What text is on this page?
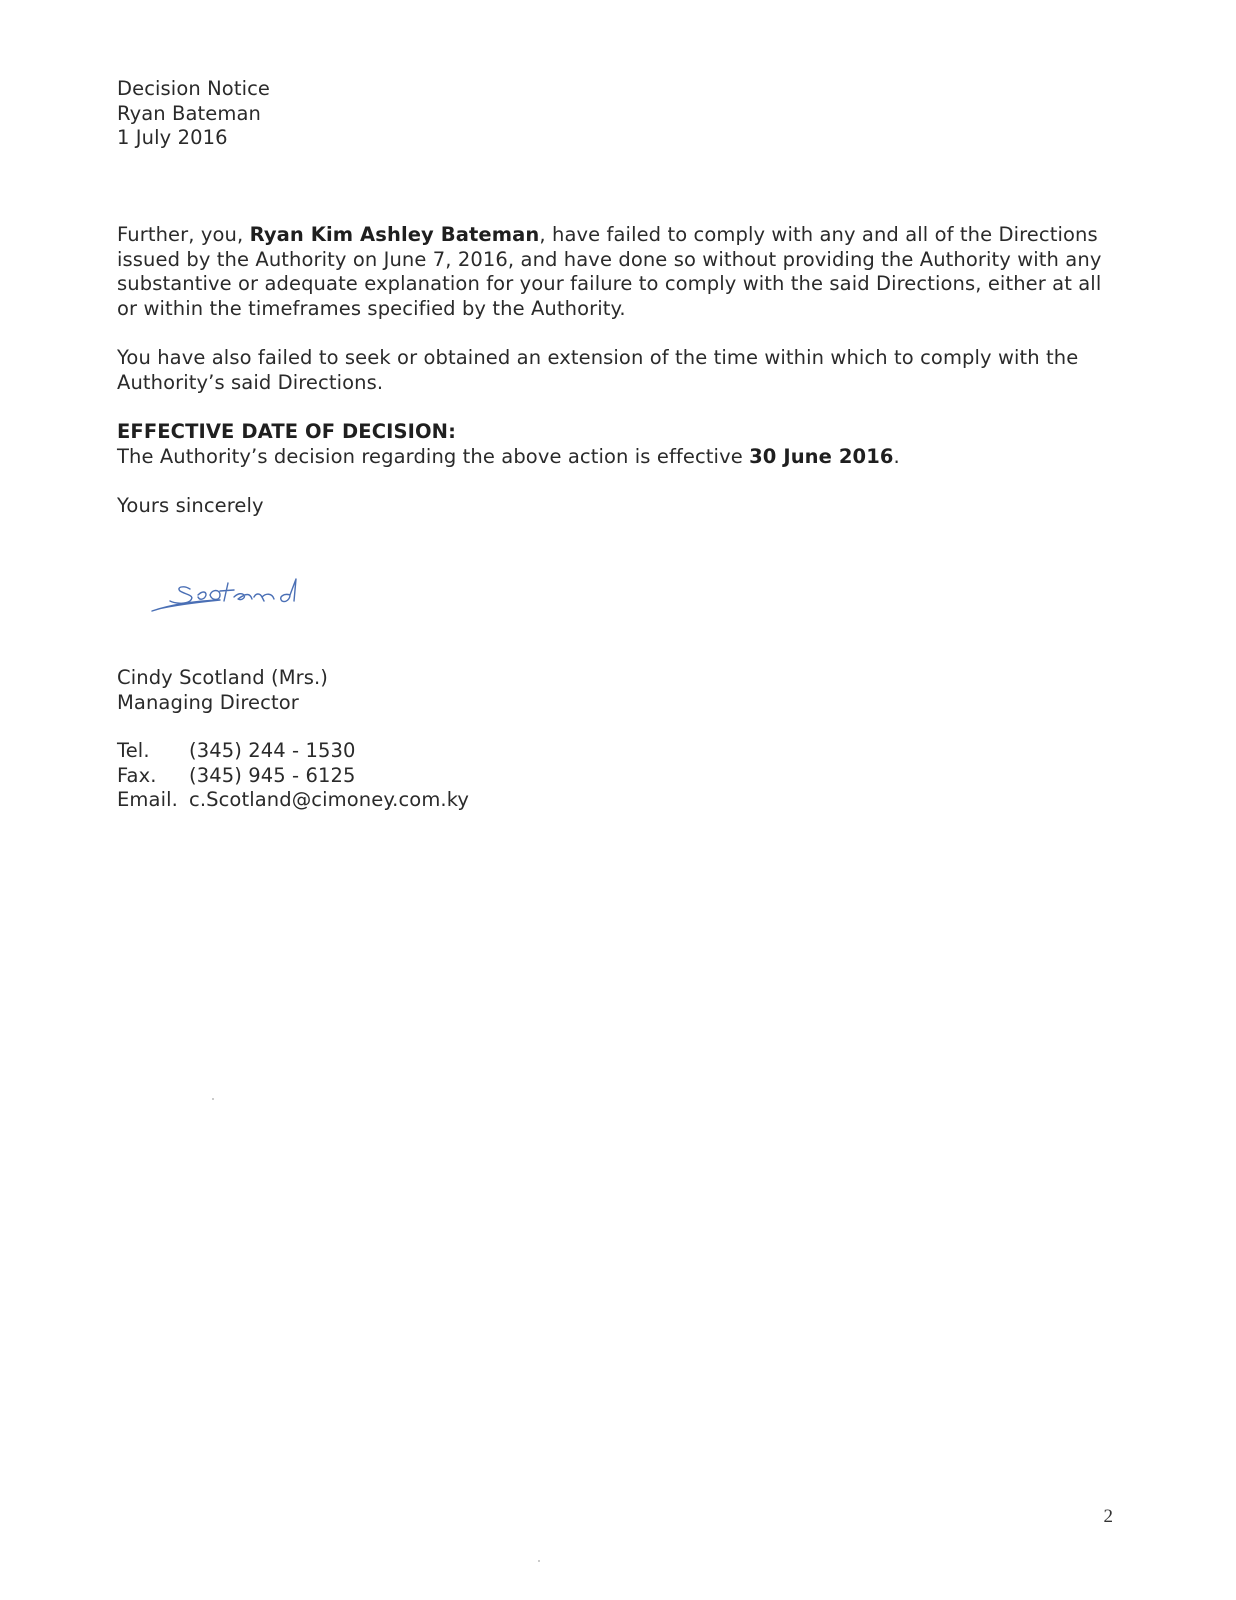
Decision Notice
Ryan Bateman
1 July 2016
Further, you, Ryan Kim Ashley Bateman, have failed to comply with any and all of the Directions issued by the Authority on June 7, 2016, and have done so without providing the Authority with any substantive or adequate explanation for your failure to comply with the said Directions, either at all or within the timeframes specified by the Authority.
You have also failed to seek or obtained an extension of the time within which to comply with the Authority’s said Directions.
EFFECTIVE DATE OF DECISION:
The Authority’s decision regarding the above action is effective 30 June 2016.
Yours sincerely
Cindy Scotland (Mrs.)
Managing Director
Tel. (345) 244 - 1530
Fax. (345) 945 - 6125
Email. c.Scotland@cimoney.com.ky
2
